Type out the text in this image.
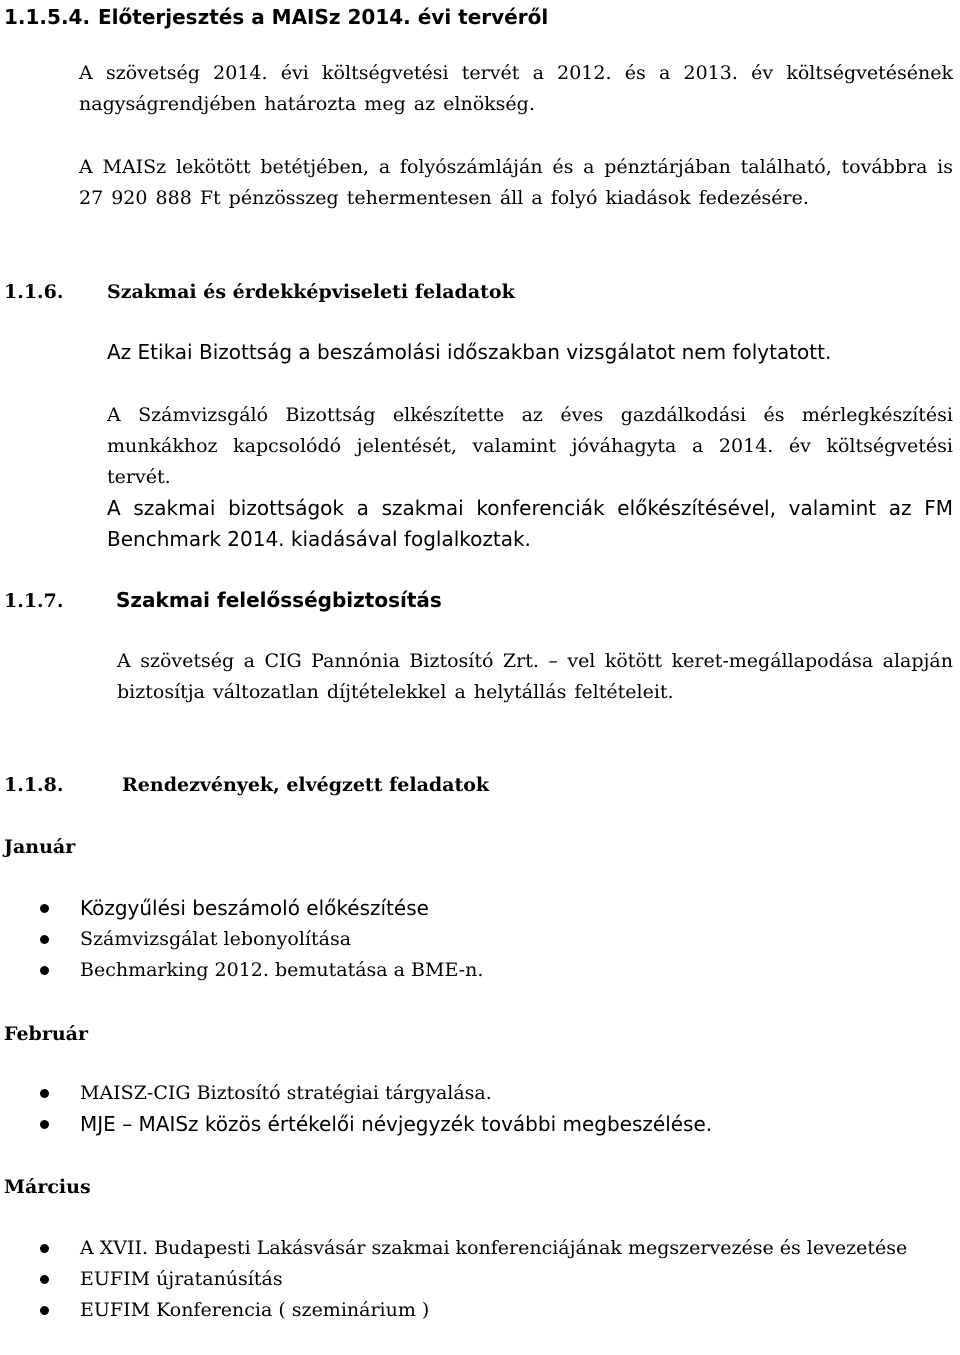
1.1.5.4. Előterjesztés a MAISz 2014. évi tervéről
A szövetség 2014. évi költségvetési tervét a 2012. és a 2013. év költségvetésének nagyságrendjében határozta meg az elnökség.
A MAISz lekötött betétjében, a folyószámláján és a pénztárjában található, továbbra is 27 920 888 Ft pénzösszeg tehermentesen áll a folyó kiadások fedezésére.
1.1.6. Szakmai és érdekképviseleti feladatok
Az Etikai Bizottság a beszámolási időszakban vizsgálatot nem folytatott.
A Számvizsgáló Bizottság elkészítette az éves gazdálkodási és mérlegkészítési munkákhoz kapcsolódó jelentését, valamint jóváhagyta a 2014. év költségvetési tervét.
A szakmai bizottságok a szakmai konferenciák előkészítésével, valamint az FM Benchmark 2014. kiadásával foglalkoztak.
1.1.7.	Szakmai felelősségbiztosítás
A szövetség a CIG Pannónia Biztosító Zrt. – vel kötött keret-megállapodása alapján biztosítja változatlan díjtételekkel a helytállás feltételeit.
1.1.8.	Rendezvények, elvégzett feladatok
Január
Közgyűlési beszámoló előkészítése
Számvizsgálat lebonyolítása
Bechmarking 2012. bemutatása a BME-n.
Február
MAISZ-CIG Biztosító stratégiai tárgyalása.
MJE – MAISz közös értékelői névjegyzék további megbeszélése.
Március
A XVII. Budapesti Lakásvásár szakmai konferenciájának megszervezése és levezetése
EUFIM újratanúsítás
EUFIM Konferencia ( szeminárium )
